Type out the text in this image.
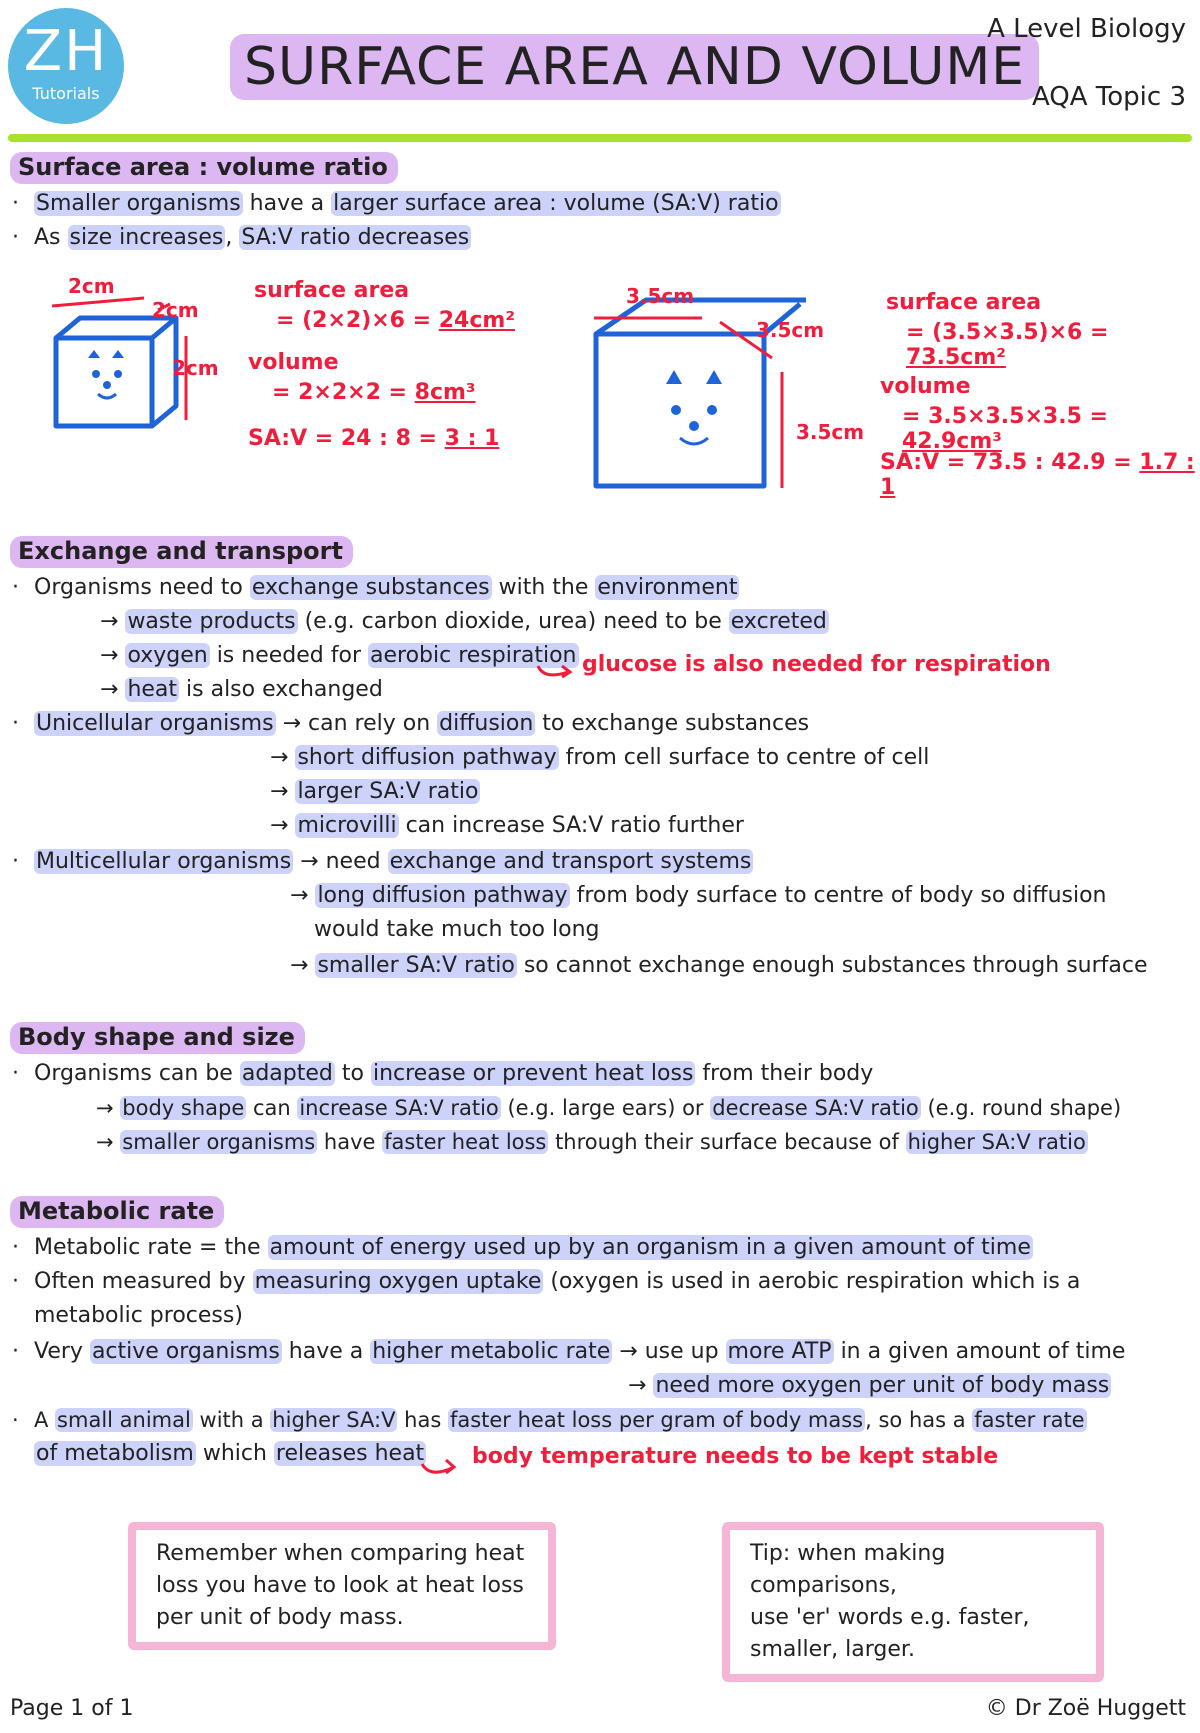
ZH
Tutorials	SURFACE AREA AND VOLUME
A Level Biology
AQA Topic 3
Surface area : volume ratio
· Smaller organisms have a larger surface area : volume (SA:V) ratio
· As size increases, SA:V ratio decreases
2cm
2cm
2cm
surface area
= (2×2)×6 = 24cm²
volume
= 2×2×2 = 8cm³
SA:V = 24 : 8 = 3 : 1
3.5cm
3.5cm
3.5cm
surface area
= (3.5×3.5)×6 = 73.5cm²
volume
= 3.5×3.5×3.5 = 42.9cm³
SA:V = 73.5 : 42.9 = 1.7 : 1
Exchange and transport
· Organisms need to exchange substances with the environment
→ waste products (e.g. carbon dioxide, urea) need to be excreted
→ oxygen is needed for aerobic respiration glucose is also needed for respiration
→ heat is also exchanged
· Unicellular organisms → can rely on diffusion to exchange substances
→ short diffusion pathway from cell surface to centre of cell
→ larger SA:V ratio
→ microvilli can increase SA:V ratio further
· Multicellular organisms → need exchange and transport systems
→ long diffusion pathway from body surface to centre of body so diffusion
would take much too long
→ smaller SA:V ratio so cannot exchange enough substances through surface
Body shape and size
· Organisms can be adapted to increase or prevent heat loss from their body
→ body shape can increase SA:V ratio (e.g. large ears) or decrease SA:V ratio (e.g. round shape)
→ smaller organisms have faster heat loss through their surface because of higher SA:V ratio
Metabolic rate
· Metabolic rate = the amount of energy used up by an organism in a given amount of time
· Often measured by measuring oxygen uptake (oxygen is used in aerobic respiration which is a
metabolic process)
· Very active organisms have a higher metabolic rate → use up more ATP in a given amount of time
→ need more oxygen per unit of body mass
· A small animal with a higher SA:V has faster heat loss per gram of body mass, so has a faster rate
of metabolism which releases heat body temperature needs to be kept stable
Remember when comparing heat
loss you have to look at heat loss
per unit of body mass.
Tip: when making comparisons,
use 'er' words e.g. faster,
smaller, larger.
Page 1 of 1	© Dr Zoë Huggett
